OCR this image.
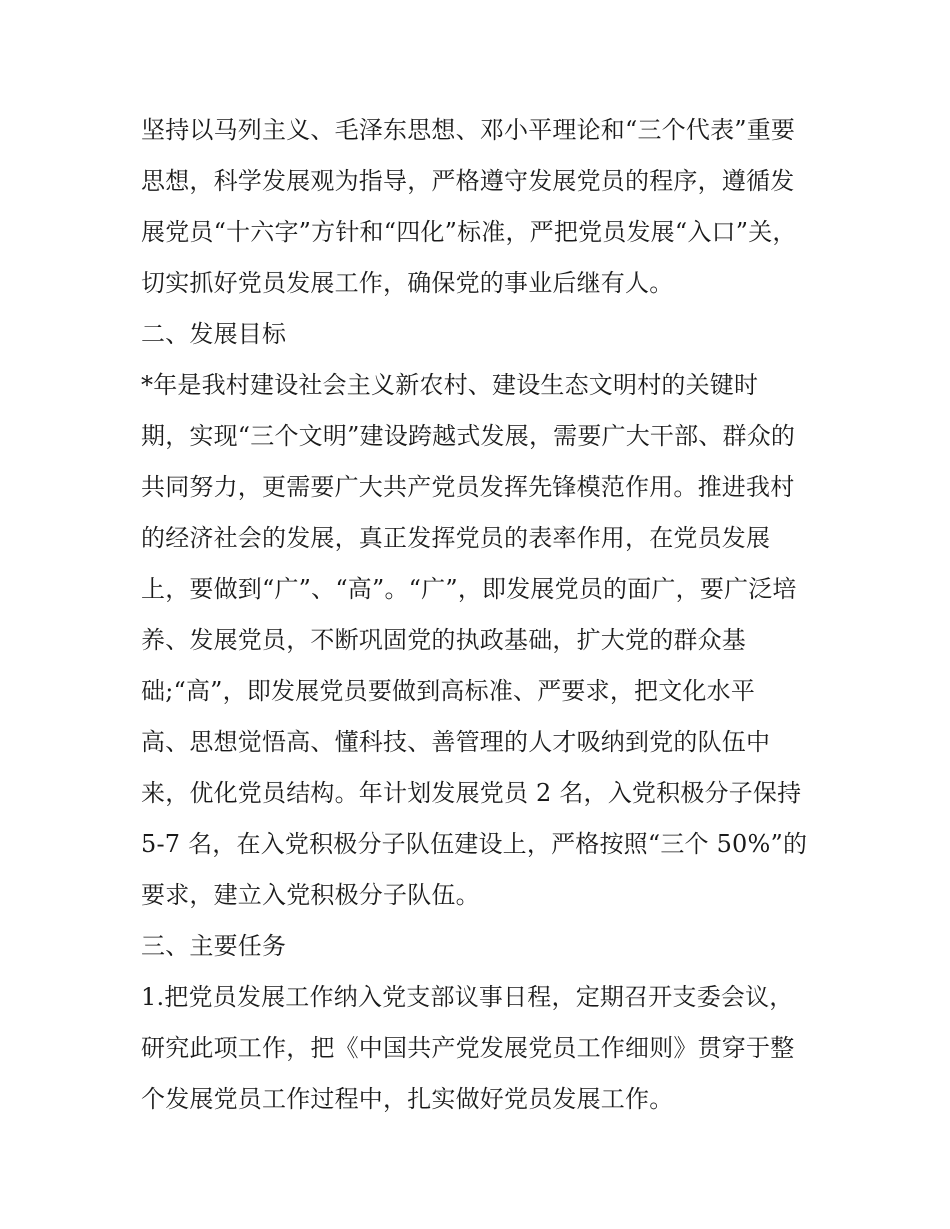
坚持以马列主义、毛泽东思想、邓小平理论和“三个代表”重要
思想，科学发展观为指导，严格遵守发展党员的程序，遵循发
展党员“十六字”方针和“四化”标准，严把党员发展“入口”关，
切实抓好党员发展工作，确保党的事业后继有人。
二、发展目标
*年是我村建设社会主义新农村、建设生态文明村的关键时
期，实现“三个文明”建设跨越式发展，需要广大干部、群众的
共同努力，更需要广大共产党员发挥先锋模范作用。推进我村
的经济社会的发展，真正发挥党员的表率作用，在党员发展
上，要做到“广”、“高”。“广”，即发展党员的面广，要广泛培
养、发展党员，不断巩固党的执政基础，扩大党的群众基
础;“高”，即发展党员要做到高标准、严要求，把文化水平
高、思想觉悟高、懂科技、善管理的人才吸纳到党的队伍中
来，优化党员结构。年计划发展党员 2 名，入党积极分子保持
5-7 名，在入党积极分子队伍建设上，严格按照“三个 50%”的
要求，建立入党积极分子队伍。
三、主要任务
1.把党员发展工作纳入党支部议事日程，定期召开支委会议，
研究此项工作，把《中国共产党发展党员工作细则》贯穿于整
个发展党员工作过程中，扎实做好党员发展工作。
